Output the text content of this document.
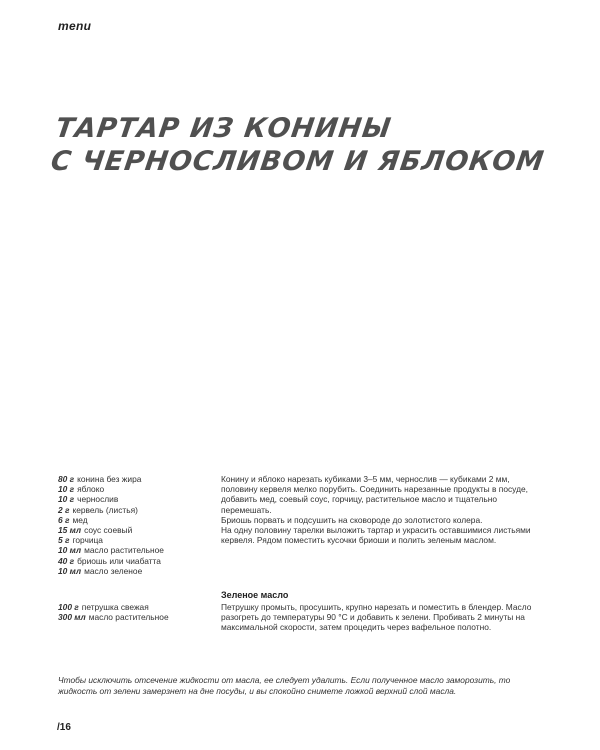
menu
ТАРТАР ИЗ КОНИНЫ
С ЧЕРНОСЛИВОМ И ЯБЛОКОМ
80 г конина без жира
10 г яблоко
10 г чернослив
2 г кервель (листья)
6 г мед
15 мл соус соевый
5 г горчица
10 мл масло растительное
40 г бриошь или чиабатта
10 мл масло зеленое

Конину и яблоко нарезать кубиками 3–5 мм, чернослив — кубиками 2 мм, половину кервеля мелко порубить. Соединить нарезанные продукты в посуде, добавить мед, соевый соус, горчицу, растительное масло и тщательно перемешать.

Бриошь порвать и подсушить на сковороде до золотистого колера.

На одну половину тарелки выложить тартар и украсить оставшимися листьями кервеля. Рядом поместить кусочки бриоши и полить зеленым маслом.

Зеленое масло
100 г петрушка свежая
300 мл масло растительное

Петрушку промыть, просушить, крупно нарезать и поместить в блендер. Масло разогреть до температуры 90 °C и добавить к зелени. Пробивать 2 минуты на максимальной скорости, затем процедить через вафельное полотно.

Чтобы исключить отсечение жидкости от масла, ее следует удалить. Если полученное масло заморозить, то жидкость от зелени замерзнет на дне посуды, и вы спокойно снимете ложкой верхний слой масла.

/16
